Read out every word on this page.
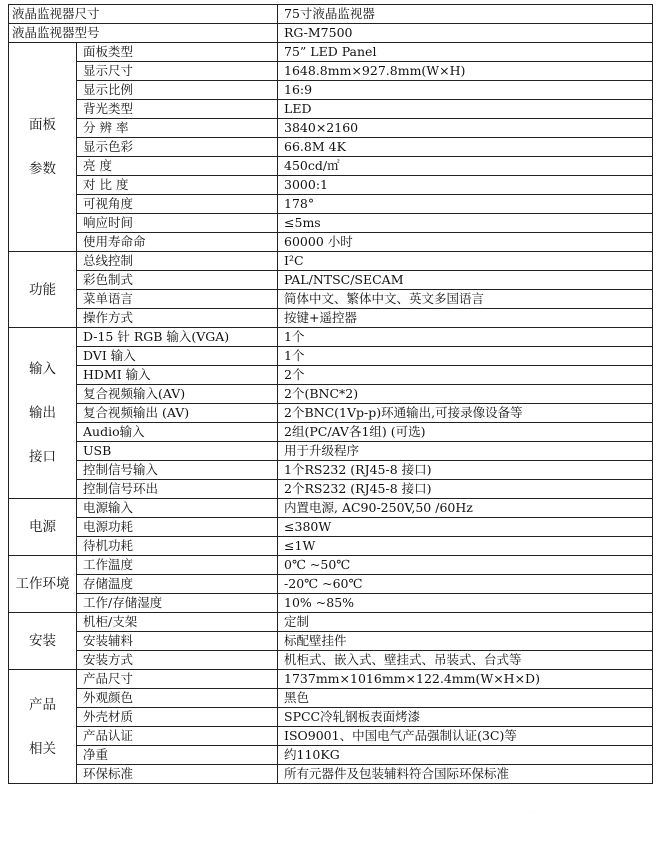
液晶监视器尺寸		75寸液晶监视器
液晶监视器型号		RG-M7500

面板

参数	面板类型	75” LED Panel
	显示尺寸	1648.8mm×927.8mm(W×H)
	显示比例	16:9
	背光类型	LED
	分 辨 率	3840×2160
	显示色彩	66.8M 4K
	亮 度	450cd/㎡
	对 比 度	3000:1
	可视角度	178°
	响应时间	≤5ms
	使用寿命命	60000 小时

功能	总线控制	I²C
	彩色制式	PAL/NTSC/SECAM
	菜单语言	简体中文、繁体中文、英文多国语言
	操作方式	按键+遥控器

输入

输出

接口	D-15 针 RGB 输入(VGA)	1个
	DVI 输入	1个
	HDMI 输入	2个
	复合视频输入(AV)	2个(BNC*2)
	复合视频输出 (AV)	2个BNC(1Vp-p)环通输出,可接录像设备等
	Audio输入	2组(PC/AV各1组) (可选)
	USB	用于升级程序
	控制信号输入	1个RS232 (RJ45-8 接口)
	控制信号环出	2个RS232 (RJ45-8 接口)

电源	电源输入	内置电源, AC90-250V,50 /60Hz
	电源功耗	≤380W
	待机功耗	≤1W

工作环境	工作温度	0℃ ~50℃
	存储温度	-20℃ ~60℃
	工作/存储湿度	10% ~85%

安装	机柜/支架	定制
	安装辅料	标配壁挂件
	安装方式	机柜式、嵌入式、壁挂式、吊装式、台式等

产品

相关	产品尺寸	1737mm×1016mm×122.4mm(W×H×D)
	外观颜色	黑色
	外壳材质	SPCC冷轧钢板表面烤漆
	产品认证	ISO9001、中国电气产品强制认证(3C)等
	净重	约110KG
	环保标准	所有元器件及包装辅料符合国际环保标准
...
